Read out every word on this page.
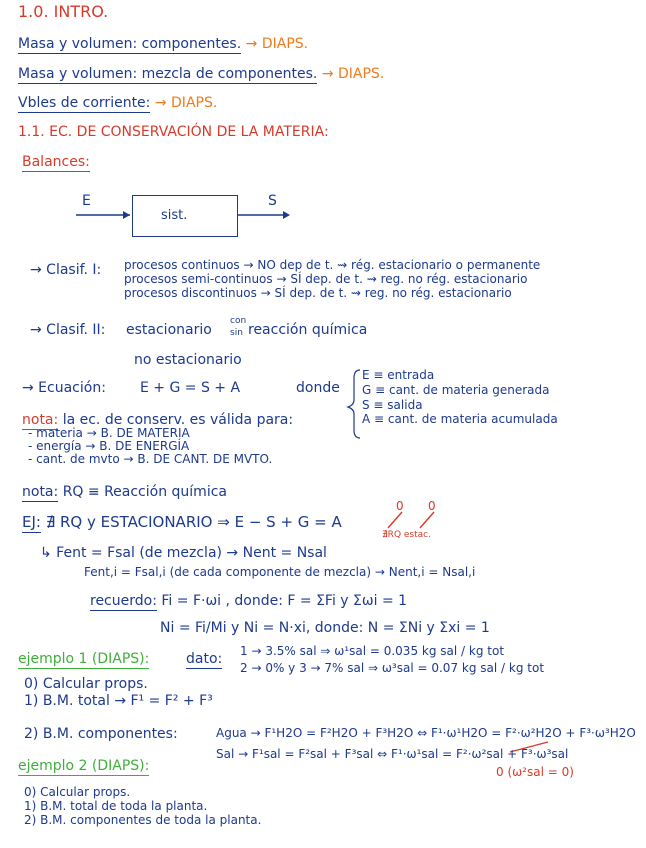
1.0. INTRO.
Masa y volumen: componentes. → DIAPS.
Masa y volumen: mezcla de componentes. → DIAPS.
Vbles de corriente: → DIAPS.
1.1. EC. DE CONSERVACIÓN DE LA MATERIA:
Balances:
E
sist.
S
→ Clasif. I: procesos continuos → NO dep de t. ⇝ rég. estacionario o permanente
procesos semi-continuos → SÍ dep. de t. ⇝ reg. no rég. estacionario
procesos discontinuos → SÍ dep. de t. ⇝ reg. no rég. estacionario
→ Clasif. II: estacionario
con
sin reacción química
no estacionario
→ Ecuación: E + G = S + A	donde
E ≡ entrada
G ≡ cant. de materia generada
S ≡ salida
A ≡ cant. de materia acumulada
nota: la ec. de conserv. es válida para:
- materia → B. DE MATERIA
- energía → B. DE ENERGÍA
- cant. de mvto → B. DE CANT. DE MVTO.
nota: RQ ≡ Reacción química
EJ: ∄ RQ y ESTACIONARIO ⇒ E − S + G = A
0 0
∄RQ estac.
↳ Fent = Fsal (de mezcla) → Nent = Nsal
Fent,i = Fsal,i (de cada componente de mezcla) → Nent,i = Nsal,i
recuerdo: Fi = F·ωi , donde: F = ΣFi y Σωi = 1
Ni = Fi/Mi y Ni = N·xi, donde: N = ΣNi y Σxi = 1
ejemplo 1 (DIAPS):	dato: 1 → 3.5% sal ⇒ ω¹sal = 0.035 kg sal / kg tot
2 → 0% y 3 → 7% sal ⇒ ω³sal = 0.07 kg sal / kg tot
0) Calcular props.
1) B.M. total → F¹ = F² + F³
2) B.M. componentes:	Agua → F¹H2O = F²H2O + F³H2O ⇔ F¹·ω¹H2O = F²·ω²H2O + F³·ω³H2O
Sal → F¹sal = F²sal + F³sal ⇔ F¹·ω¹sal = F²·ω²sal + F³·ω³sal
0 (ω²sal = 0)
ejemplo 2 (DIAPS):
0) Calcular props.
1) B.M. total de toda la planta.
2) B.M. componentes de toda la planta.
